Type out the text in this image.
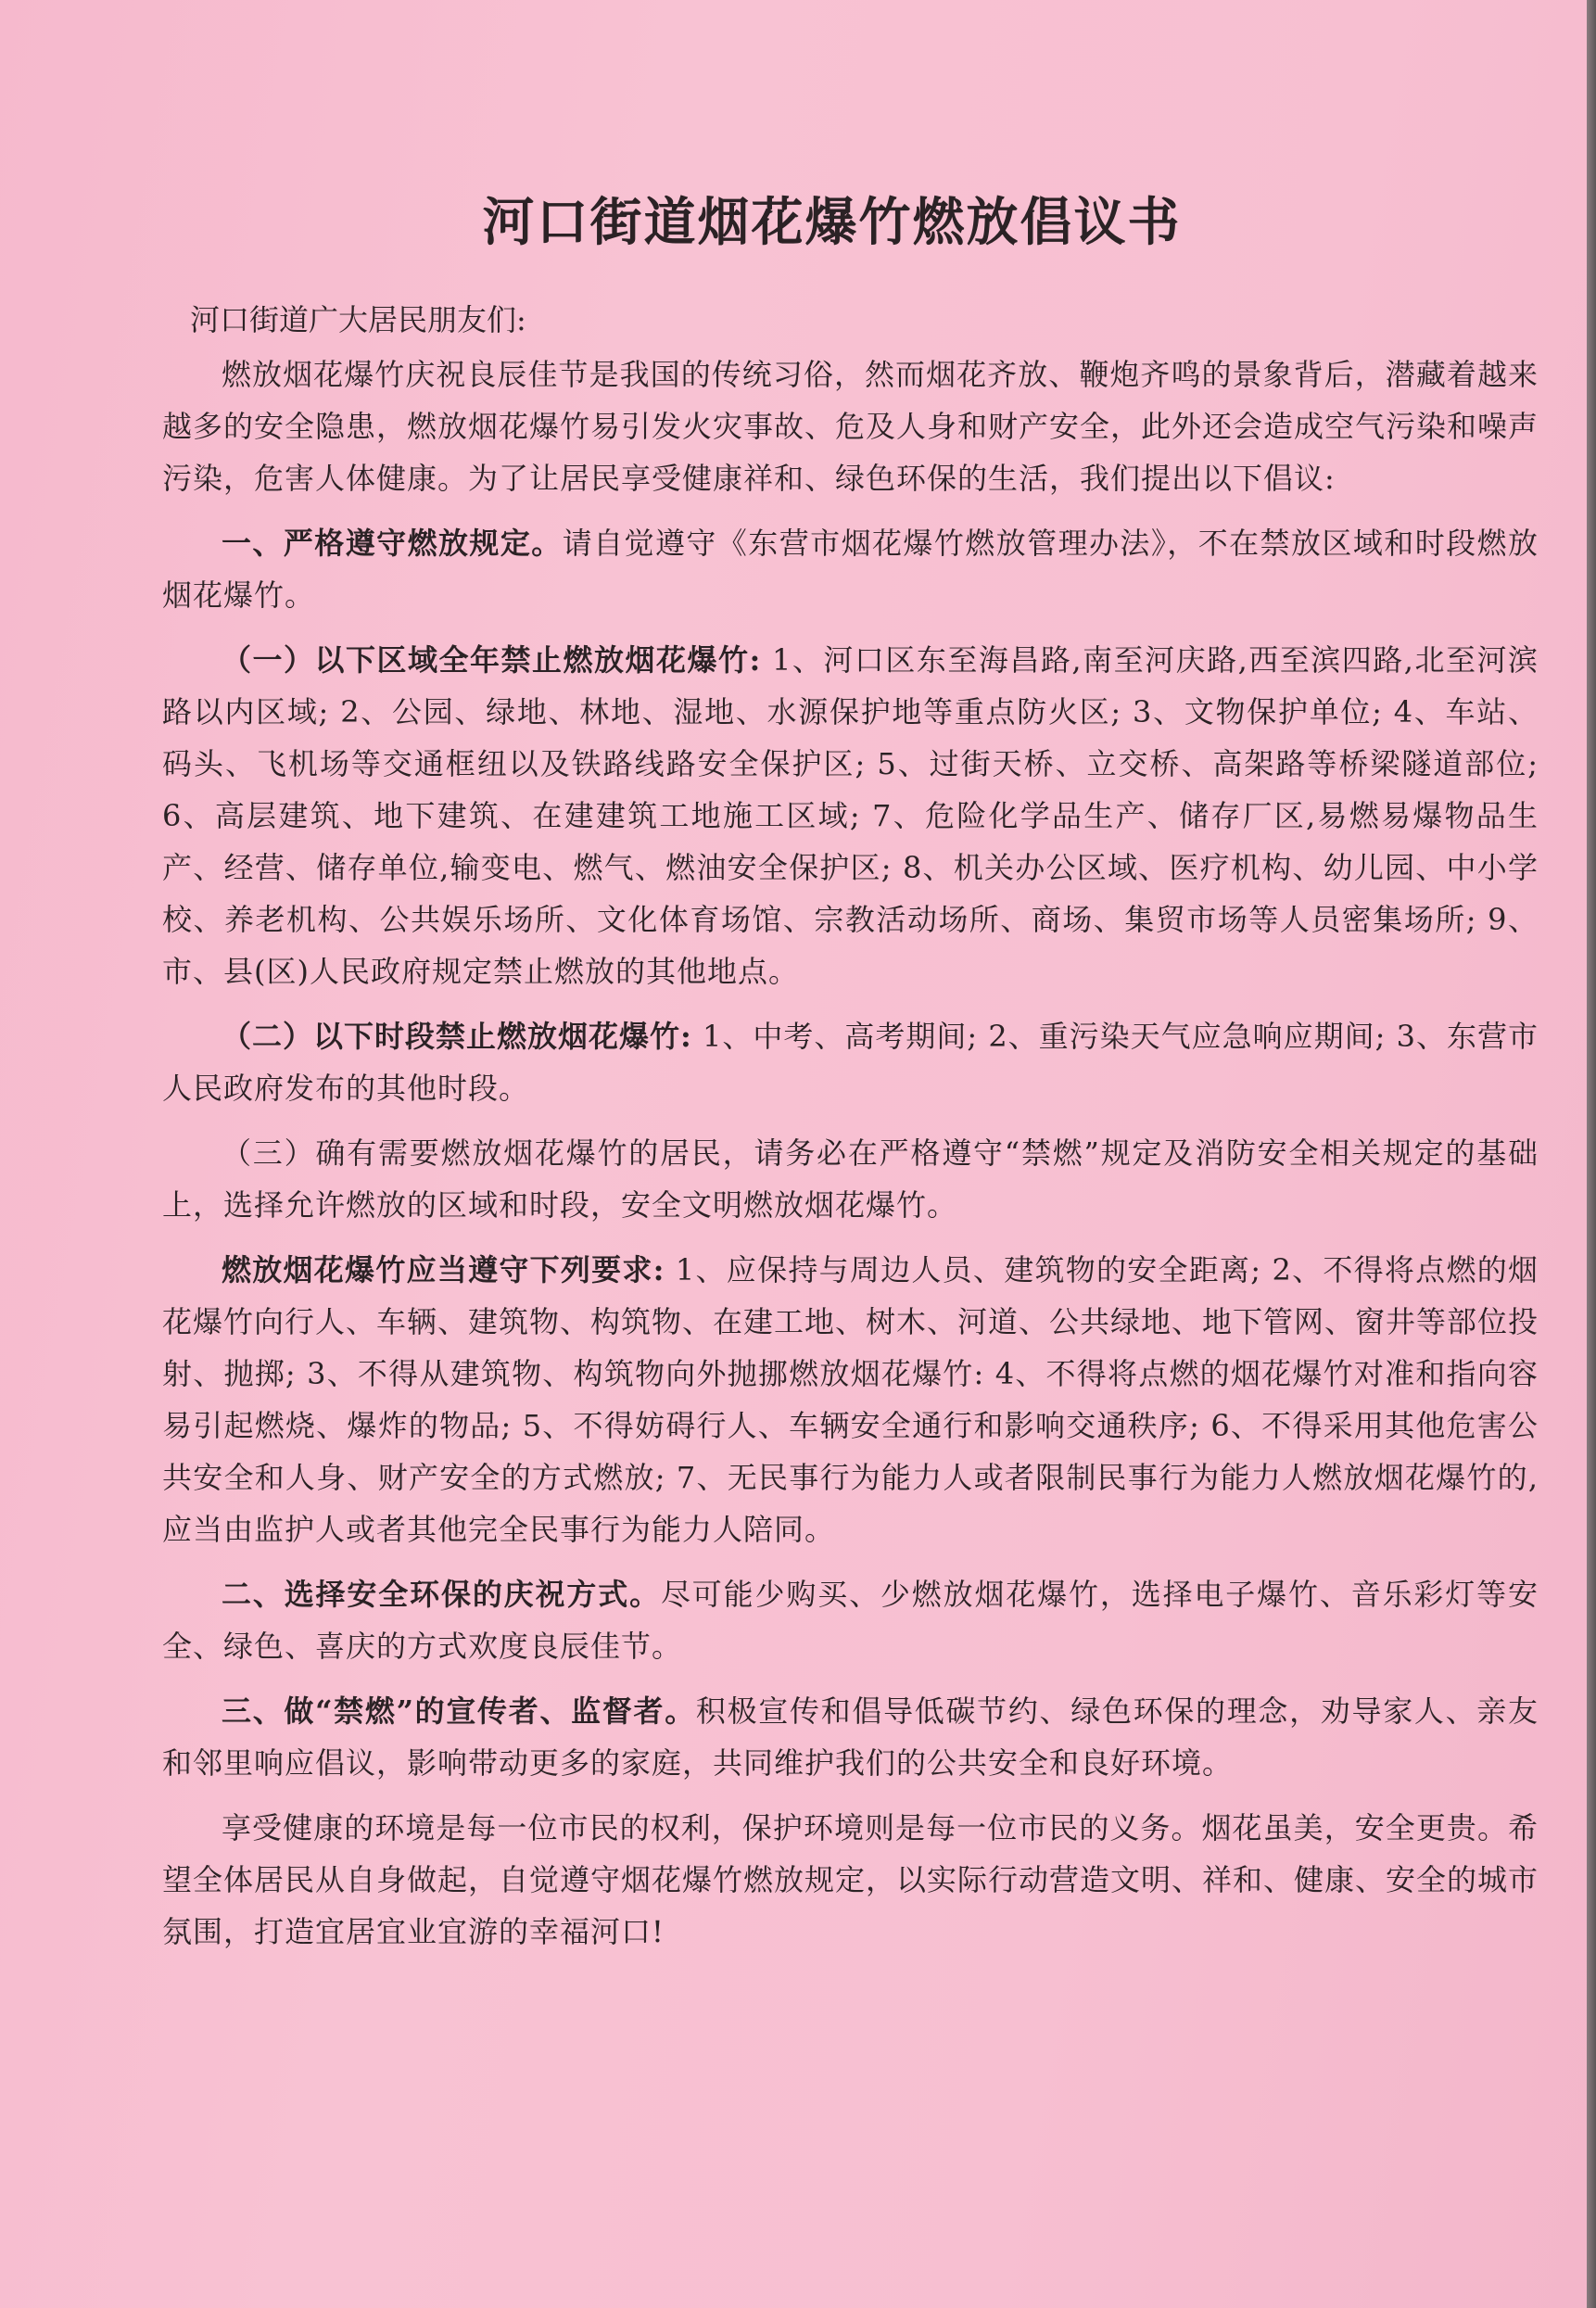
河口街道烟花爆竹燃放倡议书
河口街道广大居民朋友们:

燃放烟花爆竹庆祝良辰佳节是我国的传统习俗，然而烟花齐放、鞭炮齐鸣的景象背后，潜藏着越来越多的安全隐患，燃放烟花爆竹易引发火灾事故、危及人身和财产安全，此外还会造成空气污染和噪声污染，危害人体健康。为了让居民享受健康祥和、绿色环保的生活，我们提出以下倡议:

一、严格遵守燃放规定。请自觉遵守《东营市烟花爆竹燃放管理办法》，不在禁放区域和时段燃放烟花爆竹。

（一）以下区域全年禁止燃放烟花爆竹: 1、河口区东至海昌路,南至河庆路,西至滨四路,北至河滨路以内区域; 2、公园、绿地、林地、湿地、水源保护地等重点防火区; 3、文物保护单位; 4、车站、码头、飞机场等交通框纽以及铁路线路安全保护区; 5、过街天桥、立交桥、高架路等桥梁隧道部位; 6、高层建筑、地下建筑、在建建筑工地施工区域; 7、危险化学品生产、储存厂区,易燃易爆物品生产、经营、储存单位,输变电、燃气、燃油安全保护区; 8、机关办公区域、医疗机构、幼儿园、中小学校、养老机构、公共娱乐场所、文化体育场馆、宗教活动场所、商场、集贸市场等人员密集场所; 9、市、县(区)人民政府规定禁止燃放的其他地点。

（二）以下时段禁止燃放烟花爆竹: 1、中考、高考期间; 2、重污染天气应急响应期间; 3、东营市人民政府发布的其他时段。

（三）确有需要燃放烟花爆竹的居民，请务必在严格遵守“禁燃”规定及消防安全相关规定的基础上，选择允许燃放的区域和时段，安全文明燃放烟花爆竹。

燃放烟花爆竹应当遵守下列要求: 1、应保持与周边人员、建筑物的安全距离; 2、不得将点燃的烟花爆竹向行人、车辆、建筑物、构筑物、在建工地、树木、河道、公共绿地、地下管网、窗井等部位投射、抛掷; 3、不得从建筑物、构筑物向外抛挪燃放烟花爆竹: 4、不得将点燃的烟花爆竹对准和指向容易引起燃烧、爆炸的物品; 5、不得妨碍行人、车辆安全通行和影响交通秩序; 6、不得采用其他危害公共安全和人身、财产安全的方式燃放; 7、无民事行为能力人或者限制民事行为能力人燃放烟花爆竹的,应当由监护人或者其他完全民事行为能力人陪同。

二、选择安全环保的庆祝方式。尽可能少购买、少燃放烟花爆竹，选择电子爆竹、音乐彩灯等安全、绿色、喜庆的方式欢度良辰佳节。

三、做“禁燃”的宣传者、监督者。积极宣传和倡导低碳节约、绿色环保的理念，劝导家人、亲友和邻里响应倡议，影响带动更多的家庭，共同维护我们的公共安全和良好环境。

享受健康的环境是每一位市民的权利，保护环境则是每一位市民的义务。烟花虽美，安全更贵。希望全体居民从自身做起，自觉遵守烟花爆竹燃放规定，以实际行动营造文明、祥和、健康、安全的城市氛围，打造宜居宜业宜游的幸福河口!
